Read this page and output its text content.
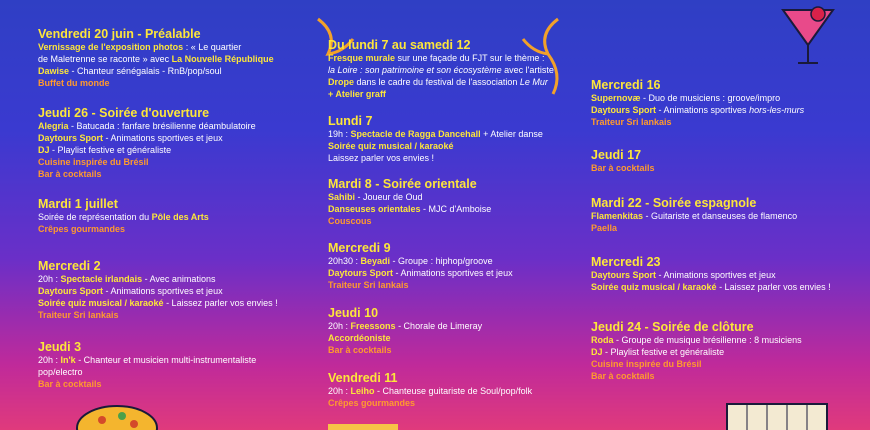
Vendredi 20 juin - Préalable
Vernissage de l'exposition photos : « Le quartier
de Maletrenne se raconte » avec La Nouvelle République
Dawise - Chanteur sénégalais - RnB/pop/soul
Buffet du monde
Jeudi 26 - Soirée d'ouverture
Alegria - Batucada : fanfare brésilienne déambulatoire
Daytours Sport - Animations sportives et jeux
DJ - Playlist festive et généraliste
Cuisine inspirée du Brésil
Bar à cocktails
Mardi 1 juillet
Soirée de représentation du Pôle des Arts
Crêpes gourmandes
Mercredi 2
20h : Spectacle irlandais - Avec animations
Daytours Sport - Animations sportives et jeux
Soirée quiz musical / karaoké - Laissez parler vos envies !
Traiteur Sri lankais
Jeudi 3
20h : In'k - Chanteur et musicien multi-instrumentaliste
pop/electro
Bar à cocktails
Du lundi 7 au samedi 12
Fresque murale sur une façade du FJT sur le thème :
la Loire : son patrimoine et son écosystème avec l'artiste
Drope dans le cadre du festival de l'association Le Mur
+ Atelier graff
Lundi 7
19h : Spectacle de Ragga Dancehall + Atelier danse
Soirée quiz musical / karaoké
Laissez parler vos envies !
Mardi 8 - Soirée orientale
Sahibi - Joueur de Oud
Danseuses orientales - MJC d'Amboise
Couscous
Mercredi 9
20h30 : Beyadi - Groupe : hiphop/groove
Daytours Sport - Animations sportives et jeux
Traiteur Sri lankais
Jeudi 10
20h : Freessons - Chorale de Limeray
Accordéoniste
Bar à cocktails
Vendredi 11
20h : Leiho - Chanteuse guitariste de Soul/pop/folk
Crêpes gourmandes
Mercredi 16
Supernovæ - Duo de musiciens : groove/impro
Daytours Sport - Animations sportives hors-les-murs
Traiteur Sri lankais
Jeudi 17
Bar à cocktails
Mardi 22 - Soirée espagnole
Flamenkitas - Guitariste et danseuses de flamenco
Paella
Mercredi 23
Daytours Sport - Animations sportives et jeux
Soirée quiz musical / karaoké - Laissez parler vos envies !
Jeudi 24 - Soirée de clôture
Roda - Groupe de musique brésilienne : 8 musiciens
DJ - Playlist festive et généraliste
Cuisine inspirée du Brésil
Bar à cocktails
